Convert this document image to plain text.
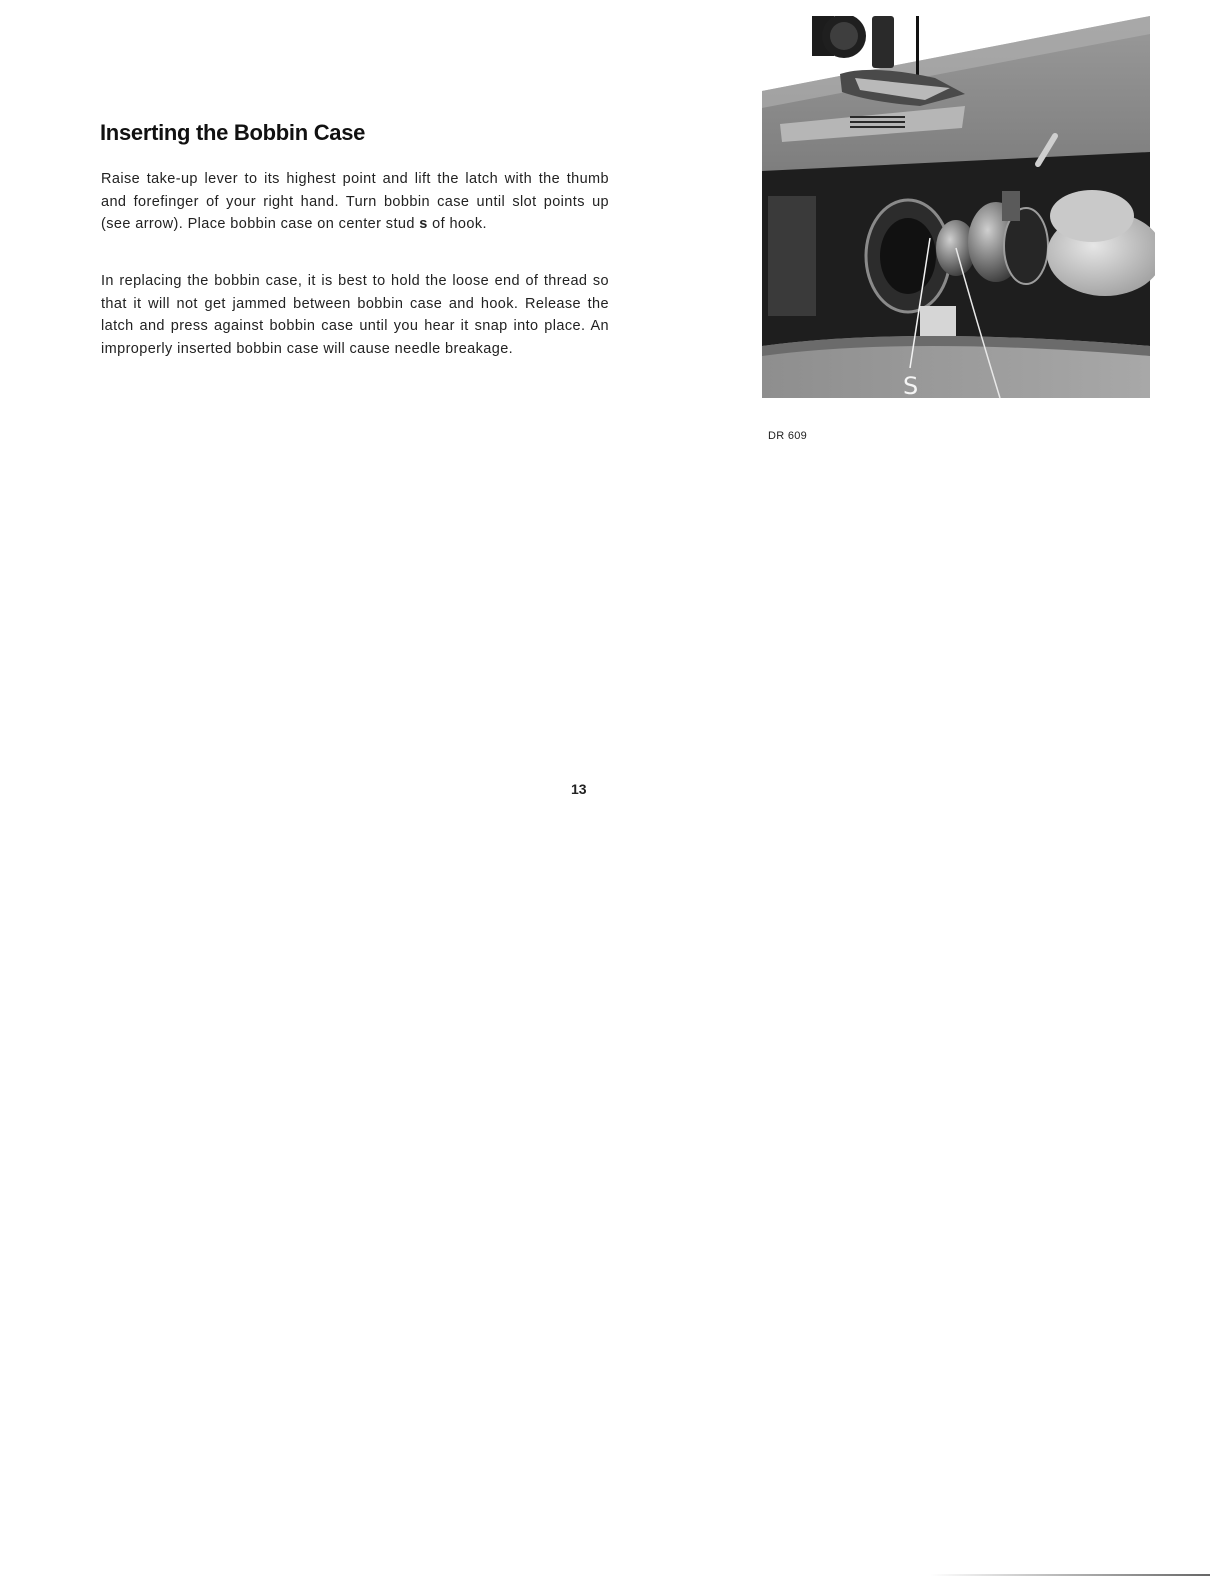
Inserting the Bobbin Case

Raise take-up lever to its highest point and lift the latch with the thumb and forefinger of your right hand. Turn bobbin case until slot points up (see arrow). Place bobbin case on center stud s of hook.

In replacing the bobbin case, it is best to hold the loose end of thread so that it will not get jammed between bobbin case and hook. Release the latch and press against bobbin case until you hear it snap into place. An improperly inserted bobbin case will cause needle breakage.

S
DR 609
13
